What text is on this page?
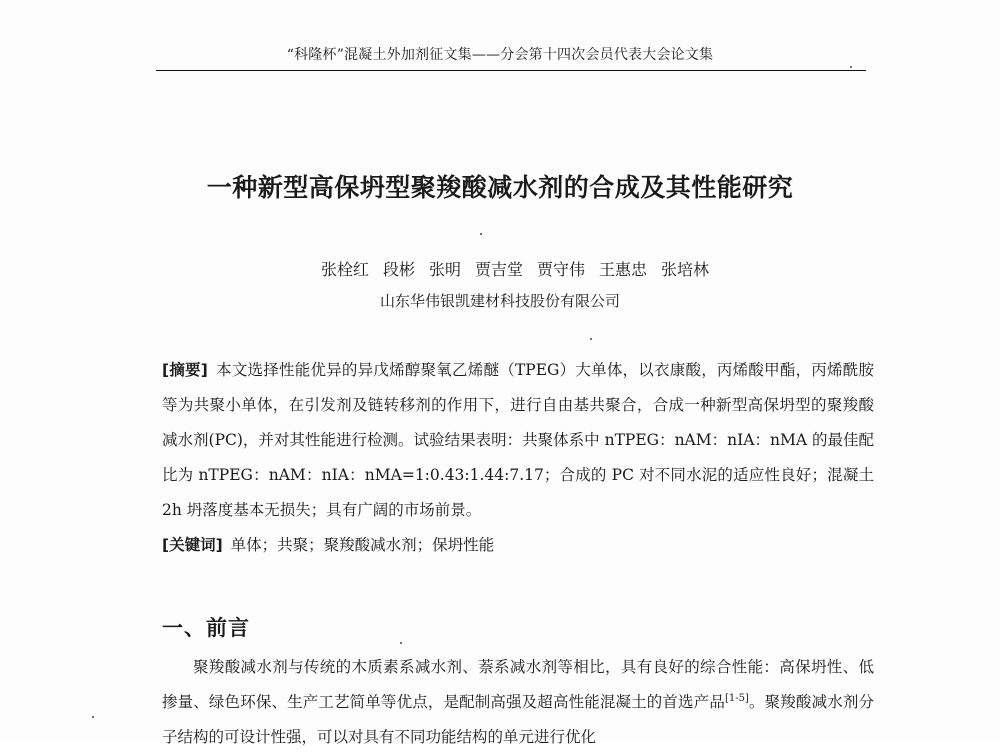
“科隆杯”混凝土外加剂征文集——分会第十四次会员代表大会论文集
一种新型高保坍型聚羧酸减水剂的合成及其性能研究
张栓红 段彬 张明 贾吉堂 贾守伟 王惠忠 张培林
山东华伟银凯建材科技股份有限公司
[摘要] 本文选择性能优异的异戊烯醇聚氧乙烯醚（TPEG）大单体，以衣康酸，丙烯酸甲酯，丙烯酰胺等为共聚小单体，在引发剂及链转移剂的作用下，进行自由基共聚合，合成一种新型高保坍型的聚羧酸减水剂(PC)，并对其性能进行检测。试验结果表明：共聚体系中 nTPEG：nAM：nIA：nMA 的最佳配比为 nTPEG：nAM：nIA：nMA=1:0.43:1.44:7.17；合成的 PC 对不同水泥的适应性良好；混凝土 2h 坍落度基本无损失；具有广阔的市场前景。
[关键词] 单体；共聚；聚羧酸减水剂；保坍性能
一、前言
聚羧酸减水剂与传统的木质素系减水剂、萘系减水剂等相比，具有良好的综合性能：高保坍性、低掺量、绿色环保、生产工艺简单等优点，是配制高强及超高性能混凝土的首选产品[1-5]。聚羧酸减水剂分子结构的可设计性强，可以对具有不同功能结构的单元进行优化
